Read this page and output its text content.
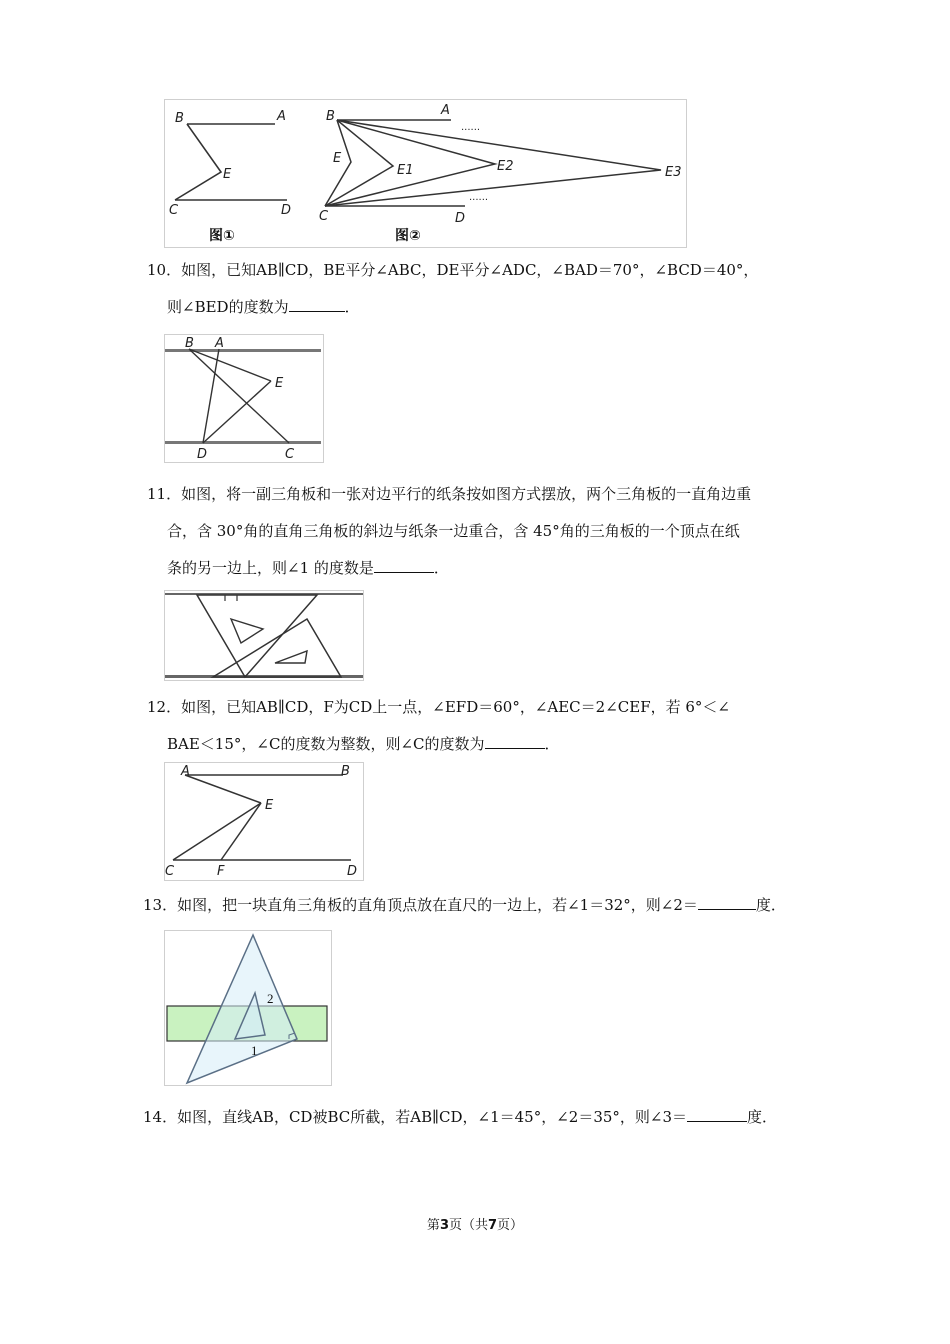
B	A
E
C	D
图①
B	A
E
E1	E2	E3
C	D
......
......
图②
10．如图，已知AB∥CD，BE平分∠ABC，DE平分∠ADC，∠BAD＝70°，∠BCD＝40°，
则∠BED的度数为	．
B A
E
D	C
11．如图，将一副三角板和一张对边平行的纸条按如图方式摆放，两个三角板的一直角边重
合，含 30°角的直角三角板的斜边与纸条一边重合，含 45°角的三角板的一个顶点在纸
条的另一边上，则∠1 的度数是	．
12．如图，已知AB∥CD，F为CD上一点，∠EFD＝60°，∠AEC＝2∠CEF，若 6°＜∠
BAE＜15°，∠C的度数为整数，则∠C的度数为	．
A	B
E
C	F	D
13．如图，把一块直角三角板的直角顶点放在直尺的一边上，若∠1＝32°，则∠2＝	度．
2
1
14．如图，直线AB，CD被BC所截，若AB∥CD，∠1＝45°，∠2＝35°，则∠3＝	度．
第3页（共7页）
